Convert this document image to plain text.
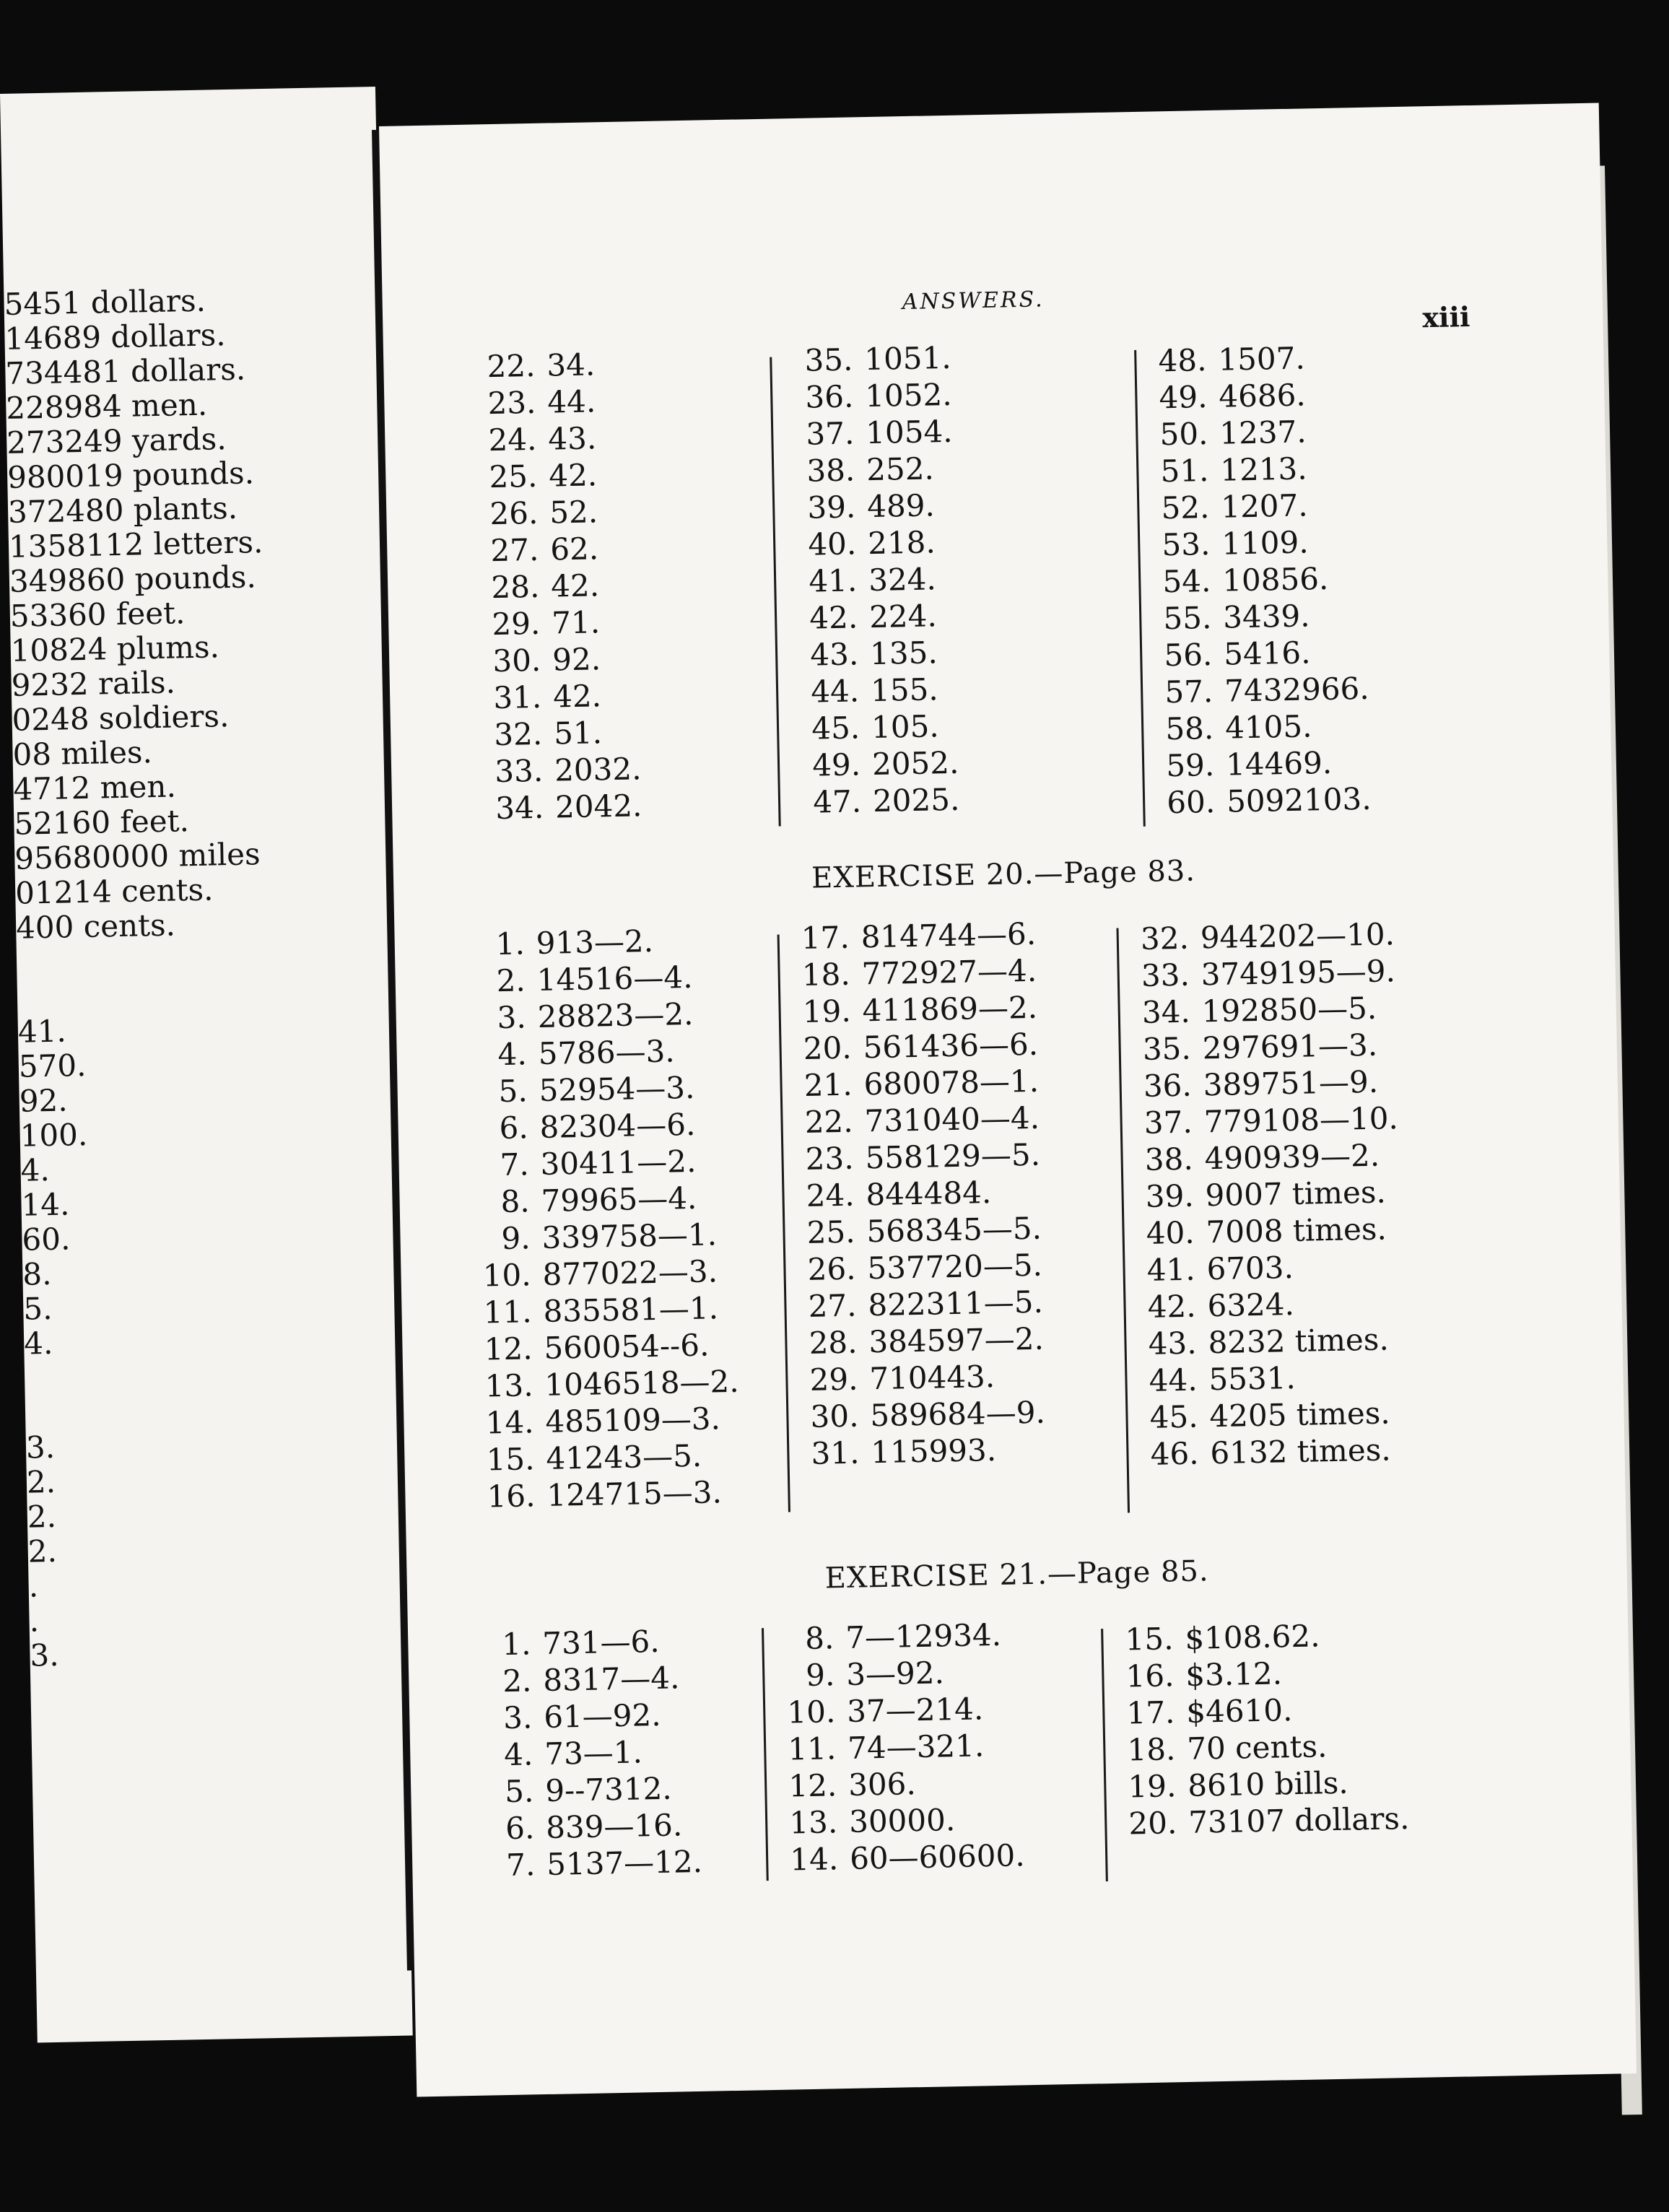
5451 dollars.
14689 dollars.
734481 dollars.
228984 men.
273249 yards.
980019 pounds.
372480 plants.
1358112 letters.
349860 pounds.
53360 feet.
10824 plums.
9232 rails.
0248 soldiers.
08 miles.
4712 men.
52160 feet.
95680000 miles
01214 cents.
400 cents.
41.
570.
92.
100.
4.
14.
60.
8.
5.
4.
3.
2.
2.
2.
.
.
3.
ANSWERS.	xiii
22. 34.
23. 44.
24. 43.
25. 42.
26. 52.
27. 62.
28. 42.
29. 71.
30. 92.
31. 42.
32. 51.
33. 2032.
34. 2042.
35. 1051.
36. 1052.
37. 1054.
38. 252.
39. 489.
40. 218.
41. 324.
42. 224.
43. 135.
44. 155.
45. 105.
49. 2052.
47. 2025.
48. 1507.
49. 4686.
50. 1237.
51. 1213.
52. 1207.
53. 1109.
54. 10856.
55. 3439.
56. 5416.
57. 7432966.
58. 4105.
59. 14469.
60. 5092103.
EXERCISE 20.—Page 83.
1. 913—2.
2. 14516—4.
3. 28823—2.
4. 5786—3.
5. 52954—3.
6. 82304—6.
7. 30411—2.
8. 79965—4.
9. 339758—1.
10. 877022—3.
11. 835581—1.
12. 560054--6.
13. 1046518—2.
14. 485109—3.
15. 41243—5.
16. 124715—3.
17. 814744—6.
18. 772927—4.
19. 411869—2.
20. 561436—6.
21. 680078—1.
22. 731040—4.
23. 558129—5.
24. 844484.
25. 568345—5.
26. 537720—5.
27. 822311—5.
28. 384597—2.
29. 710443.
30. 589684—9.
31. 115993.
32. 944202—10.
33. 3749195—9.
34. 192850—5.
35. 297691—3.
36. 389751—9.
37. 779108—10.
38. 490939—2.
39. 9007 times.
40. 7008 times.
41. 6703.
42. 6324.
43. 8232 times.
44. 5531.
45. 4205 times.
46. 6132 times.
EXERCISE 21.—Page 85.
1. 731—6.
2. 8317—4.
3. 61—92.
4. 73—1.
5. 9--7312.
6. 839—16.
7. 5137—12.
8. 7—12934.
9. 3—92.
10. 37—214.
11. 74—321.
12. 306.
13. 30000.
14. 60—60600.
15. $108.62.
16. $3.12.
17. $4610.
18. 70 cents.
19. 8610 bills.
20. 73107 dollars.
